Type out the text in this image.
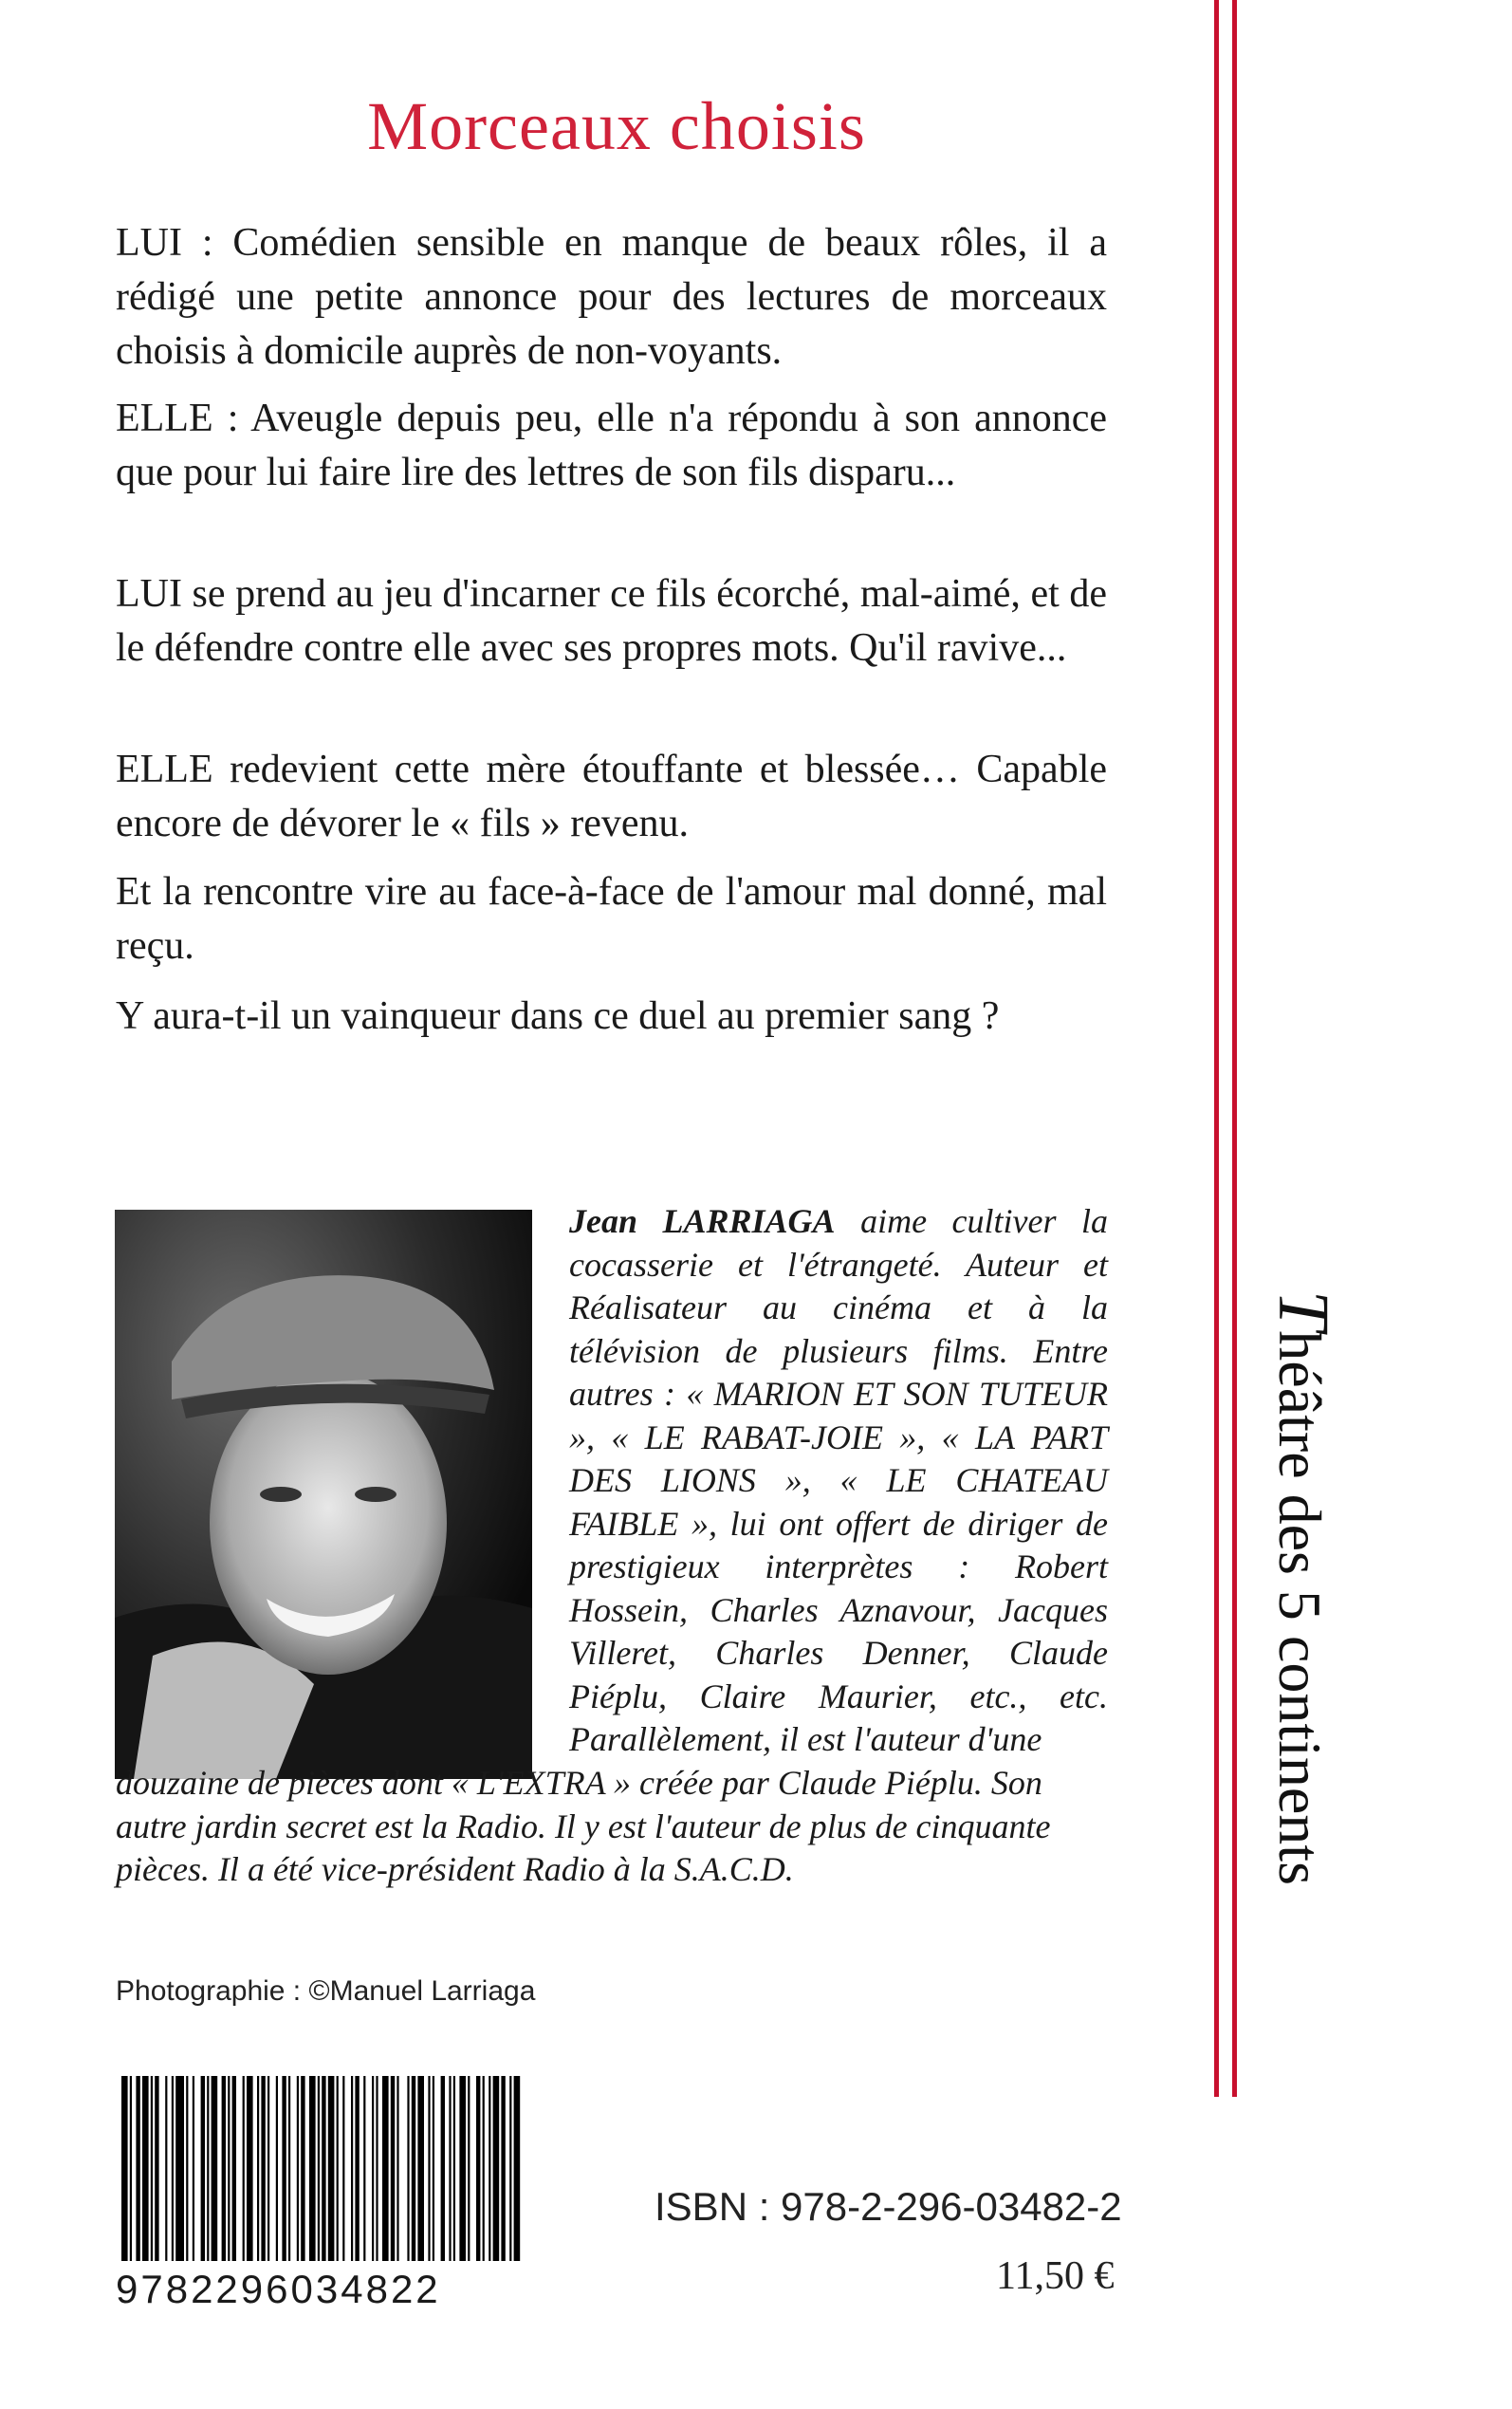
Morceaux choisis

LUI : Comédien sensible en manque de beaux rôles, il a rédigé une petite annonce pour des lectures de morceaux choisis à domicile auprès de non-voyants.

ELLE : Aveugle depuis peu, elle n'a répondu à son annonce que pour lui faire lire des lettres de son fils disparu...

LUI se prend au jeu d'incarner ce fils écorché, mal-aimé, et de le défendre contre elle avec ses propres mots. Qu'il ravive...

ELLE redevient cette mère étouffante et blessée… Capable encore de dévorer le « fils » revenu.

Et la rencontre vire au face-à-face de l'amour mal donné, mal reçu.

Y aura-t-il un vainqueur dans ce duel au premier sang ?

Jean LARRIAGA aime cultiver la cocasserie et l'étrangeté. Auteur et Réalisateur au cinéma et à la télévision de plusieurs films. Entre autres : « MARION ET SON TUTEUR », « LE RABAT-JOIE », « LA PART DES LIONS », « LE CHATEAU FAIBLE », lui ont offert de diriger de prestigieux interprètes : Robert Hossein, Charles Aznavour, Jacques Villeret, Charles Denner, Claude Piéplu, Claire Maurier, etc., etc. Parallèlement, il est l'auteur d'une

douzaine de pièces dont « L'EXTRA » créée par Claude Piéplu. Son autre jardin secret est la Radio. Il y est l'auteur de plus de cinquante pièces. Il a été vice-président Radio à la S.A.C.D.

Photographie : ©Manuel Larriaga
Théâtre des 5 continents
9782296034822
ISBN : 978-2-296-03482-2
11,50 €
